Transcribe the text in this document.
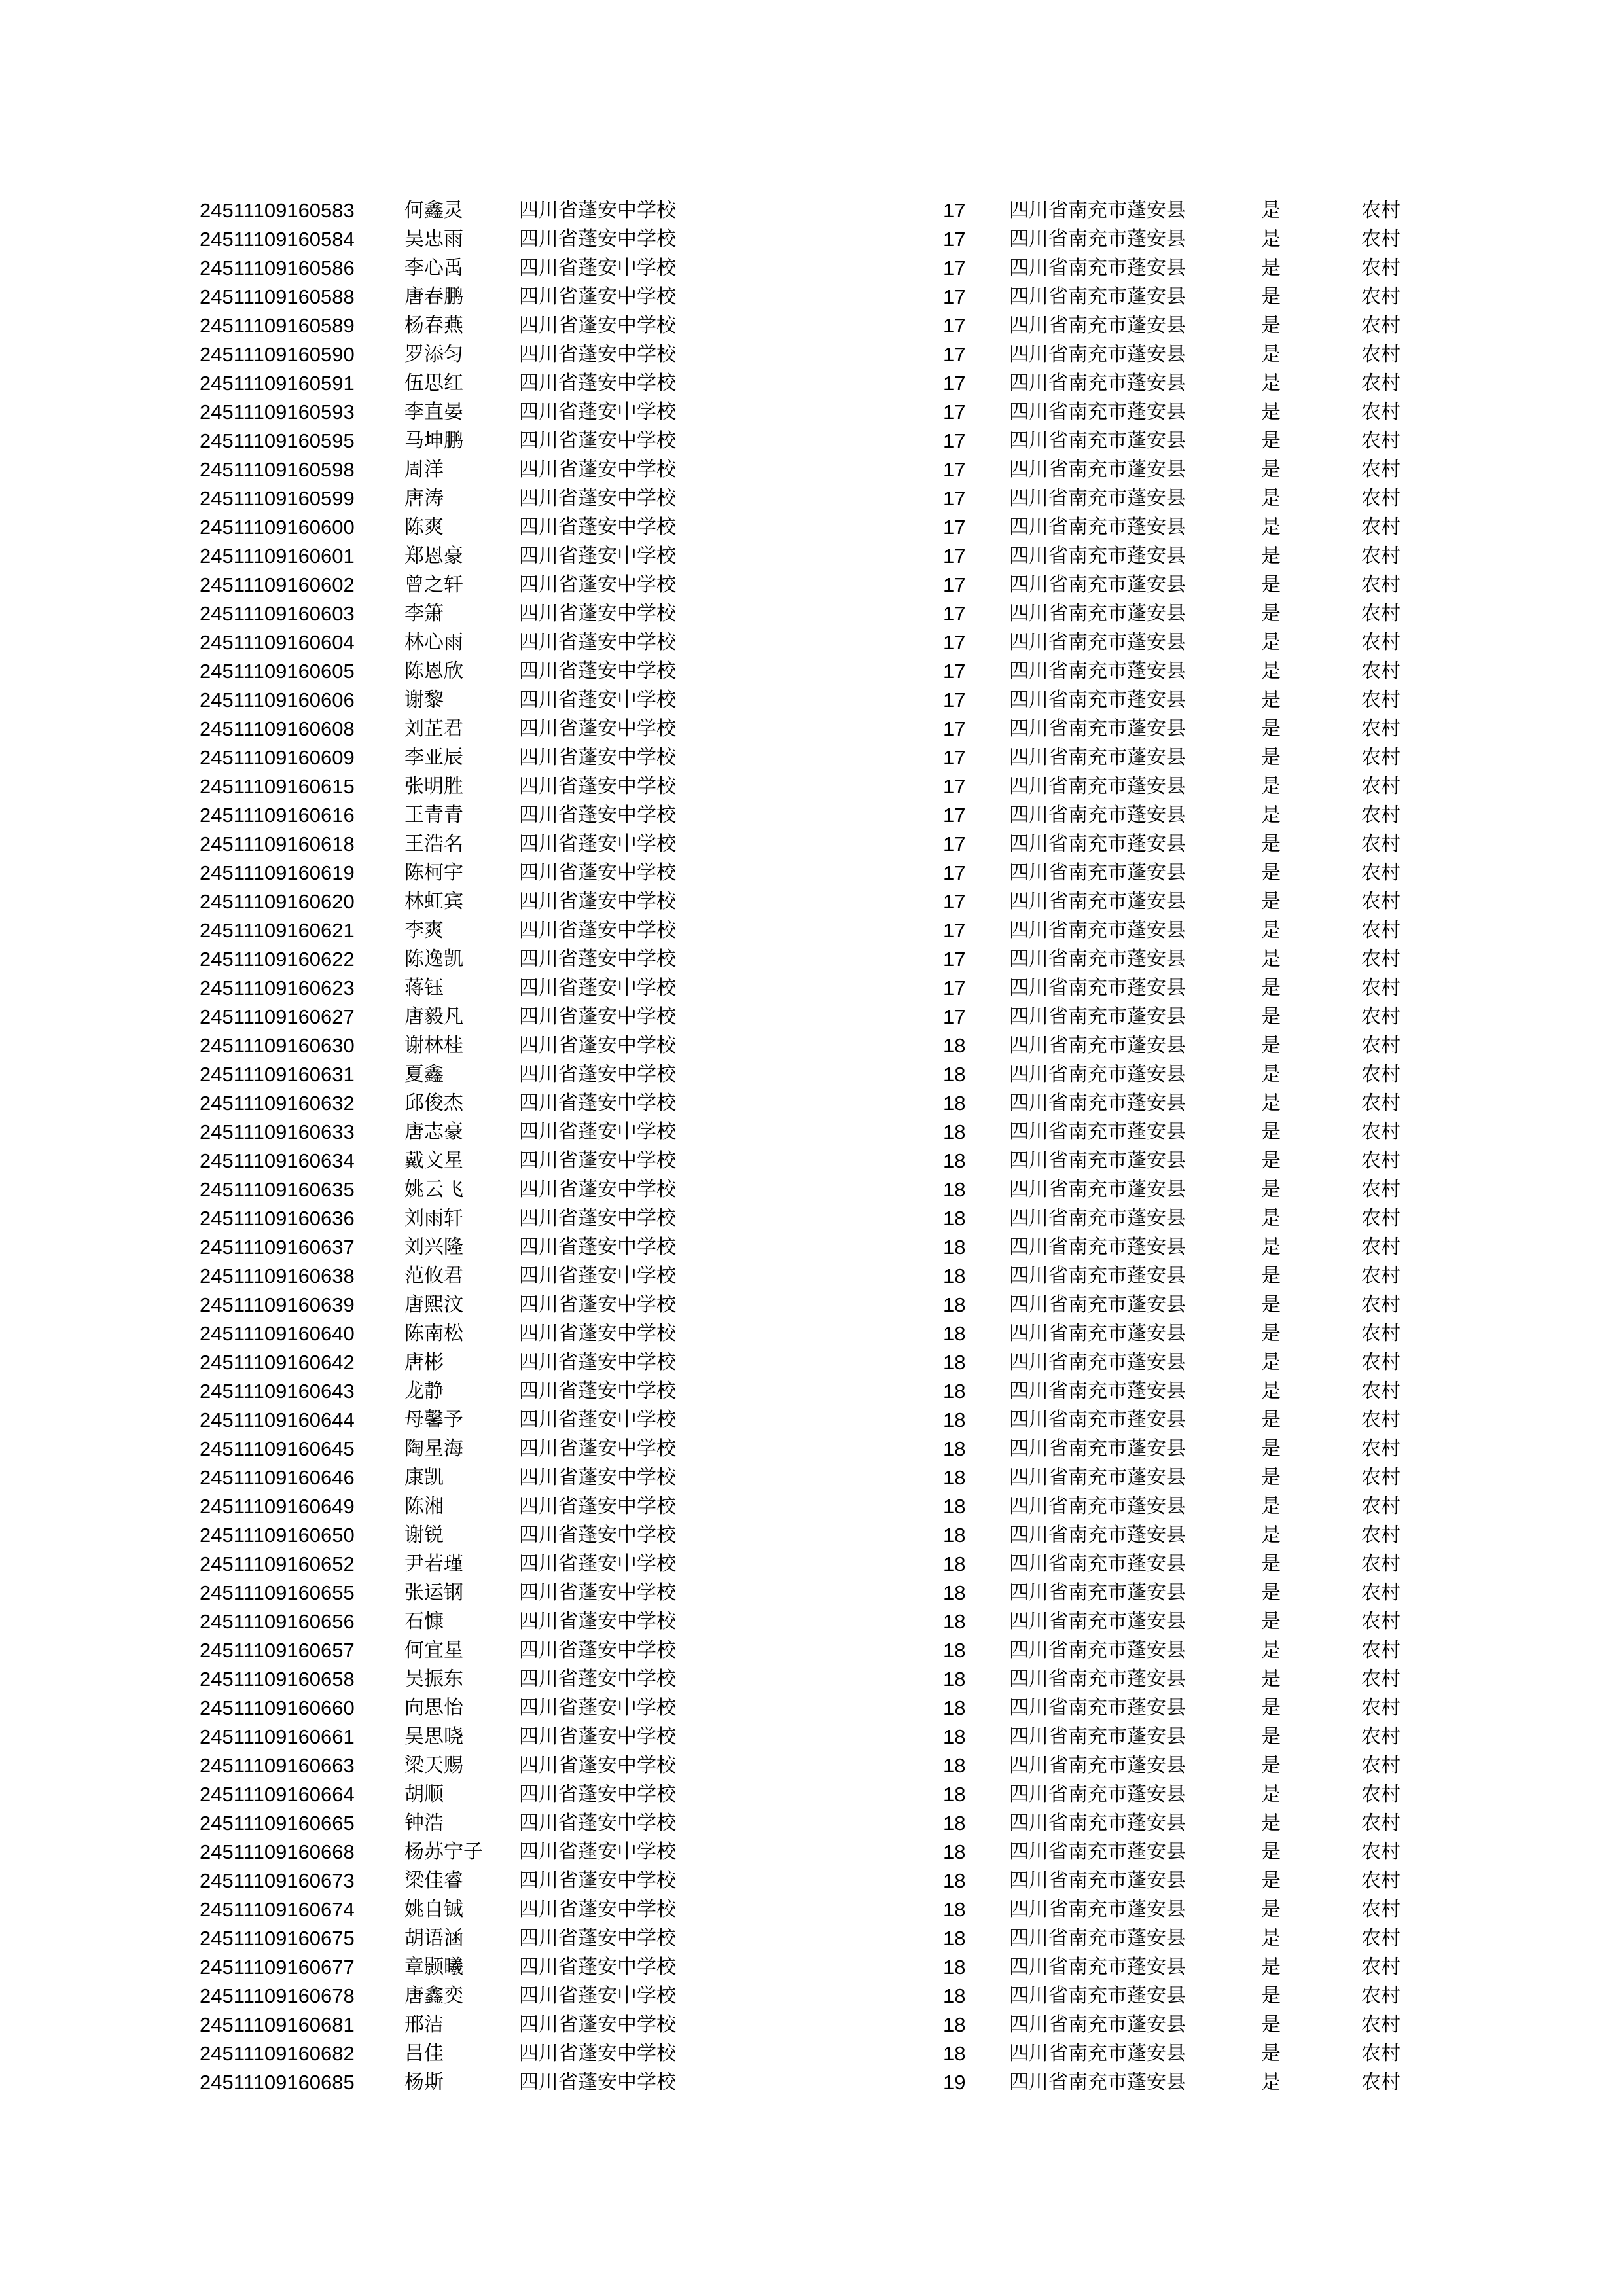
24511109160583	何鑫灵	四川省蓬安中学校	17 四川省南充市蓬安县	是	农村
24511109160584	吴忠雨	四川省蓬安中学校	17 四川省南充市蓬安县	是	农村
24511109160586	李心禹	四川省蓬安中学校	17 四川省南充市蓬安县	是	农村
24511109160588	唐春鹏	四川省蓬安中学校	17 四川省南充市蓬安县	是	农村
24511109160589	杨春燕	四川省蓬安中学校	17 四川省南充市蓬安县	是	农村
24511109160590	罗添匀	四川省蓬安中学校	17 四川省南充市蓬安县	是	农村
24511109160591	伍思红	四川省蓬安中学校	17 四川省南充市蓬安县	是	农村
24511109160593	李直晏	四川省蓬安中学校	17 四川省南充市蓬安县	是	农村
24511109160595	马坤鹏	四川省蓬安中学校	17 四川省南充市蓬安县	是	农村
24511109160598	周洋	四川省蓬安中学校	17 四川省南充市蓬安县	是	农村
24511109160599	唐涛	四川省蓬安中学校	17 四川省南充市蓬安县	是	农村
24511109160600	陈爽	四川省蓬安中学校	17 四川省南充市蓬安县	是	农村
24511109160601	郑恩豪	四川省蓬安中学校	17 四川省南充市蓬安县	是	农村
24511109160602	曾之轩	四川省蓬安中学校	17 四川省南充市蓬安县	是	农村
24511109160603	李箫	四川省蓬安中学校	17 四川省南充市蓬安县	是	农村
24511109160604	林心雨	四川省蓬安中学校	17 四川省南充市蓬安县	是	农村
24511109160605	陈恩欣	四川省蓬安中学校	17 四川省南充市蓬安县	是	农村
24511109160606	谢黎	四川省蓬安中学校	17 四川省南充市蓬安县	是	农村
24511109160608	刘芷君	四川省蓬安中学校	17 四川省南充市蓬安县	是	农村
24511109160609	李亚辰	四川省蓬安中学校	17 四川省南充市蓬安县	是	农村
24511109160615	张明胜	四川省蓬安中学校	17 四川省南充市蓬安县	是	农村
24511109160616	王青青	四川省蓬安中学校	17 四川省南充市蓬安县	是	农村
24511109160618	王浩名	四川省蓬安中学校	17 四川省南充市蓬安县	是	农村
24511109160619	陈柯宇	四川省蓬安中学校	17 四川省南充市蓬安县	是	农村
24511109160620	林虹宾	四川省蓬安中学校	17 四川省南充市蓬安县	是	农村
24511109160621	李爽	四川省蓬安中学校	17 四川省南充市蓬安县	是	农村
24511109160622	陈逸凯	四川省蓬安中学校	17 四川省南充市蓬安县	是	农村
24511109160623	蒋钰	四川省蓬安中学校	17 四川省南充市蓬安县	是	农村
24511109160627	唐毅凡	四川省蓬安中学校	17 四川省南充市蓬安县	是	农村
24511109160630	谢林桂	四川省蓬安中学校	18 四川省南充市蓬安县	是	农村
24511109160631	夏鑫	四川省蓬安中学校	18 四川省南充市蓬安县	是	农村
24511109160632	邱俊杰	四川省蓬安中学校	18 四川省南充市蓬安县	是	农村
24511109160633	唐志豪	四川省蓬安中学校	18 四川省南充市蓬安县	是	农村
24511109160634	戴文星	四川省蓬安中学校	18 四川省南充市蓬安县	是	农村
24511109160635	姚云飞	四川省蓬安中学校	18 四川省南充市蓬安县	是	农村
24511109160636	刘雨轩	四川省蓬安中学校	18 四川省南充市蓬安县	是	农村
24511109160637	刘兴隆	四川省蓬安中学校	18 四川省南充市蓬安县	是	农村
24511109160638	范攸君	四川省蓬安中学校	18 四川省南充市蓬安县	是	农村
24511109160639	唐熙汶	四川省蓬安中学校	18 四川省南充市蓬安县	是	农村
24511109160640	陈南松	四川省蓬安中学校	18 四川省南充市蓬安县	是	农村
24511109160642	唐彬	四川省蓬安中学校	18 四川省南充市蓬安县	是	农村
24511109160643	龙静	四川省蓬安中学校	18 四川省南充市蓬安县	是	农村
24511109160644	母馨予	四川省蓬安中学校	18 四川省南充市蓬安县	是	农村
24511109160645	陶星海	四川省蓬安中学校	18 四川省南充市蓬安县	是	农村
24511109160646	康凯	四川省蓬安中学校	18 四川省南充市蓬安县	是	农村
24511109160649	陈湘	四川省蓬安中学校	18 四川省南充市蓬安县	是	农村
24511109160650	谢锐	四川省蓬安中学校	18 四川省南充市蓬安县	是	农村
24511109160652	尹若瑾	四川省蓬安中学校	18 四川省南充市蓬安县	是	农村
24511109160655	张运钢	四川省蓬安中学校	18 四川省南充市蓬安县	是	农村
24511109160656	石慷	四川省蓬安中学校	18 四川省南充市蓬安县	是	农村
24511109160657	何宜星	四川省蓬安中学校	18 四川省南充市蓬安县	是	农村
24511109160658	吴振东	四川省蓬安中学校	18 四川省南充市蓬安县	是	农村
24511109160660	向思怡	四川省蓬安中学校	18 四川省南充市蓬安县	是	农村
24511109160661	吴思晓	四川省蓬安中学校	18 四川省南充市蓬安县	是	农村
24511109160663	梁天赐	四川省蓬安中学校	18 四川省南充市蓬安县	是	农村
24511109160664	胡顺	四川省蓬安中学校	18 四川省南充市蓬安县	是	农村
24511109160665	钟浩	四川省蓬安中学校	18 四川省南充市蓬安县	是	农村
24511109160668	杨苏宁子 四川省蓬安中学校	18 四川省南充市蓬安县	是	农村
24511109160673	梁佳睿	四川省蓬安中学校	18 四川省南充市蓬安县	是	农村
24511109160674	姚自铖	四川省蓬安中学校	18 四川省南充市蓬安县	是	农村
24511109160675	胡语涵	四川省蓬安中学校	18 四川省南充市蓬安县	是	农村
24511109160677	章颢曦	四川省蓬安中学校	18 四川省南充市蓬安县	是	农村
24511109160678	唐鑫奕	四川省蓬安中学校	18 四川省南充市蓬安县	是	农村
24511109160681	邢洁	四川省蓬安中学校	18 四川省南充市蓬安县	是	农村
24511109160682	吕佳	四川省蓬安中学校	18 四川省南充市蓬安县	是	农村
24511109160685	杨斯	四川省蓬安中学校	19 四川省南充市蓬安县	是	农村
